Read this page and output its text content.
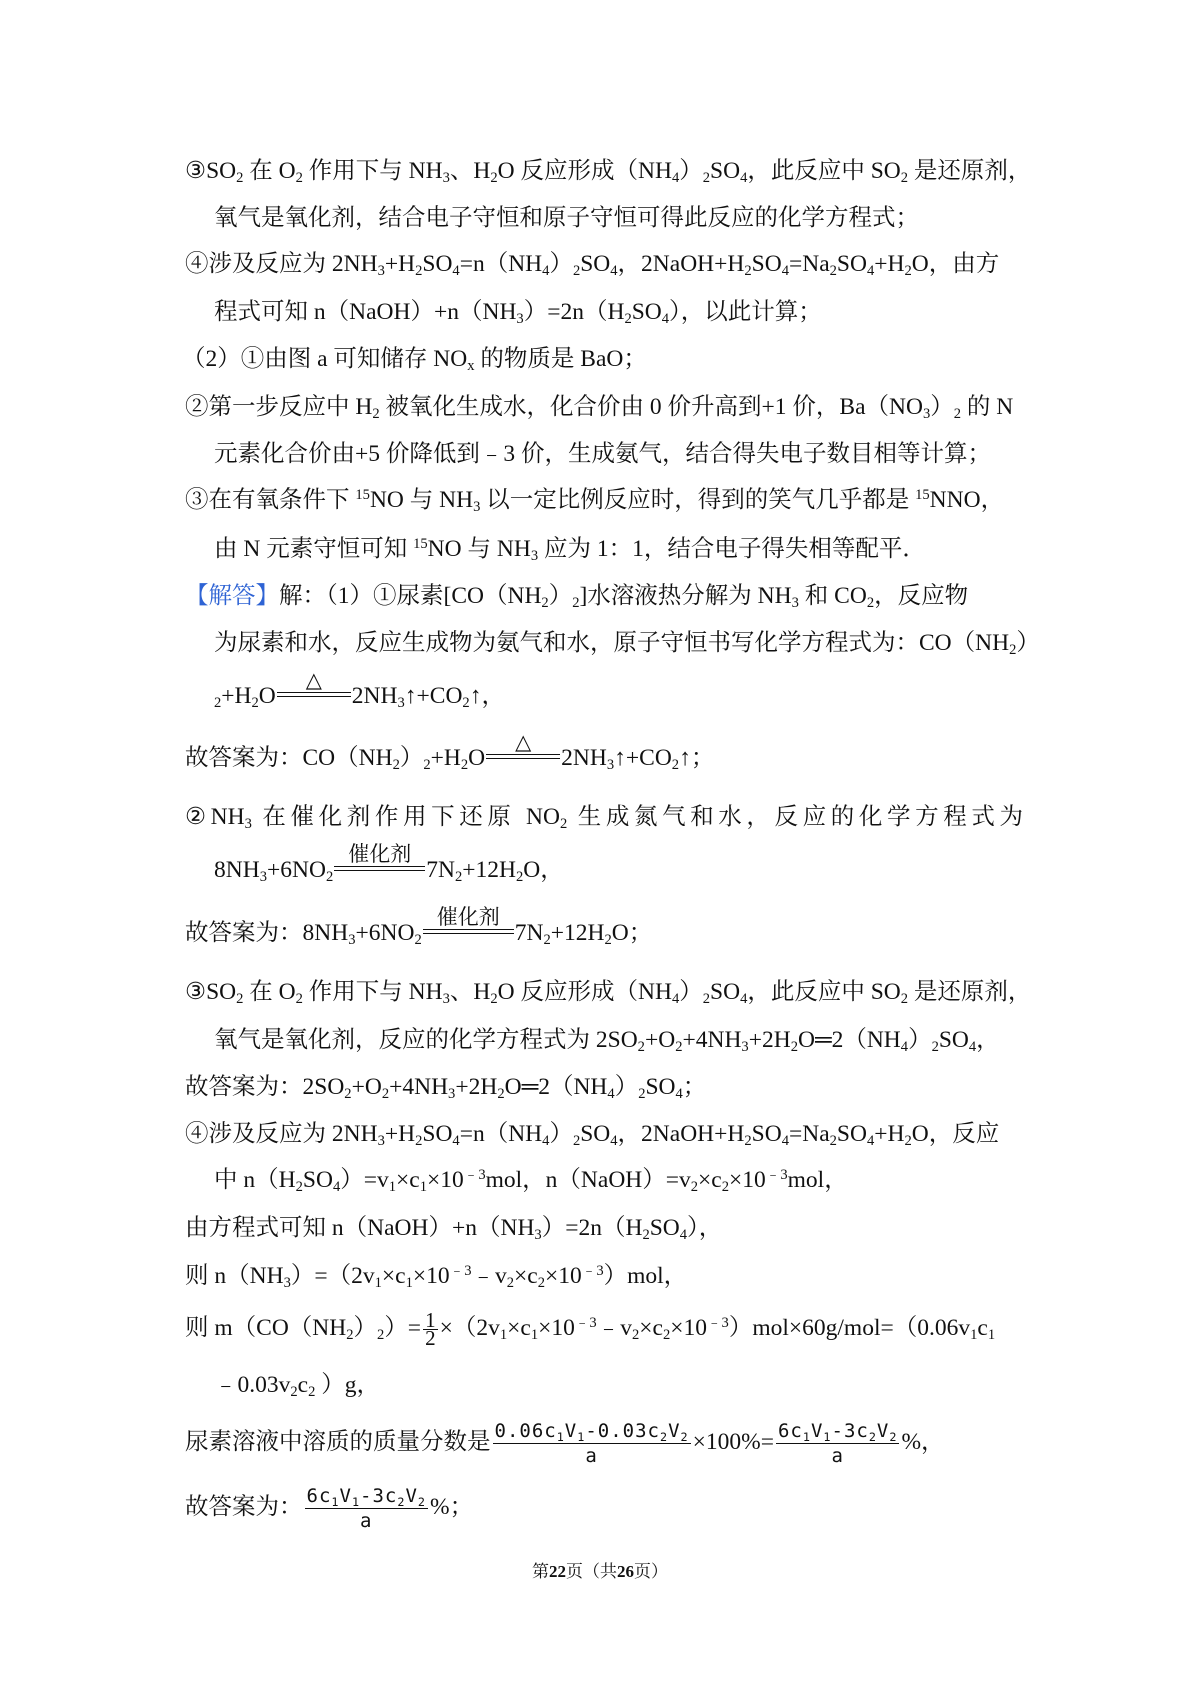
$③SO_2$ 在 $O_2$ 作用下与 $NH_3$、$H_2O$ 反应形成$(NH_4)_2SO_4$，此反应中 $SO_2$ 是还原剂，
氧气是氧化剂，结合电子守恒和原子守恒可得此反应的化学方程式；
④涉及反应为 $2NH_3+H_2SO_4=n(NH_4)_2SO_4$，$2NaOH+H_2SO_4=Na_2SO_4+H_2O$，由方
程式可知 $n(NaOH)+n(NH_3)=2n(H_2SO_4)$，以此计算；
（2）①由图 a 可知储存 $NO_x$ 的物质是 BaO；
②第一步反应中 $H_2$ 被氧化生成水，化合价由 0 价升高到+1 价，$Ba(NO_3)_2$ 的 N
元素化合价由+5 价降低到﹣3 价，生成氨气，结合得失电子数目相等计算；
③在有氧条件下 $^{15}$NO 与 $NH_3$ 以一定比例反应时，得到的笑气几乎都是 $^{15}$NNO，
由 N 元素守恒可知 $^{15}$NO 与 $NH_3$ 应为 1：1，结合电子得失相等配平．
【解答】解：（1）①尿素$[CO(NH_2)_2]$水溶液热分解为 $NH_3$ 和 $CO_2$，反应物
为尿素和水，反应生成物为氨气和水，原子守恒书写化学方程式为：$CO(NH_2)$
$_2+H_2O$
△
$2NH_3↑+CO_2↑$，
故答案为：$CO(NH_2)_2+H_2O$
△
$2NH_3↑+CO_2↑$；
$②NH_3$ 在催化剂作用下还原 $NO_2$ 生成氮气和水，反应的化学方程式为
$8NH_3+6NO_2$
催化剂
$7N_2+12H_2O$，
故答案为：$8NH_3+6NO_2$
催化剂
$7N_2+12H_2O$；
$③SO_2$ 在 $O_2$ 作用下与 $NH_3$、$H_2O$ 反应形成$(NH_4)_2SO_4$，此反应中 $SO_2$ 是还原剂，
氧气是氧化剂，反应的化学方程式为 $2SO_2+O_2+4NH_3+2H_2O═2(NH_4)_2SO_4$，
故答案为：$2SO_2+O_2+4NH_3+2H_2O═2(NH_4)_2SO_4$；
④涉及反应为 $2NH_3+H_2SO_4=n(NH_4)_2SO_4$，$2NaOH+H_2SO_4=Na_2SO_4+H_2O$，反应
中 $n(H_2SO_4)=v_1\times c_1\times 10^{﹣3}mol$，$n(NaOH)=v_2\times c_2\times 10^{﹣3}mol$，
由方程式可知 $n(NaOH)+n(NH_3)=2n(H_2SO_4)$，
则 $n(NH_3)=(2v_1\times c_1\times 10^{﹣3}﹣v_2\times c_2\times 10^{﹣3})mol$，
则 $m(CO(NH_2)_2)= \frac{1}{2}$ $\times(2v_1\times c_1\times 10^{﹣3}﹣v_2\times c_2\times 10^{﹣3})mol\times 60g/mol=(0.06v_1c_1$
$﹣0.03v_2c_2$ ）g，
尿素溶液中溶质的质量分数是 $\frac{0.06c_1V_1-0.03c_2V_2}{a} \times 100\%= \frac{6c_1V_1-3c_2V_2}{a}$ %，
故答案为： $\frac{6c_1V_1-3c_2V_2}{a}$ %；
第22页（共26页）
